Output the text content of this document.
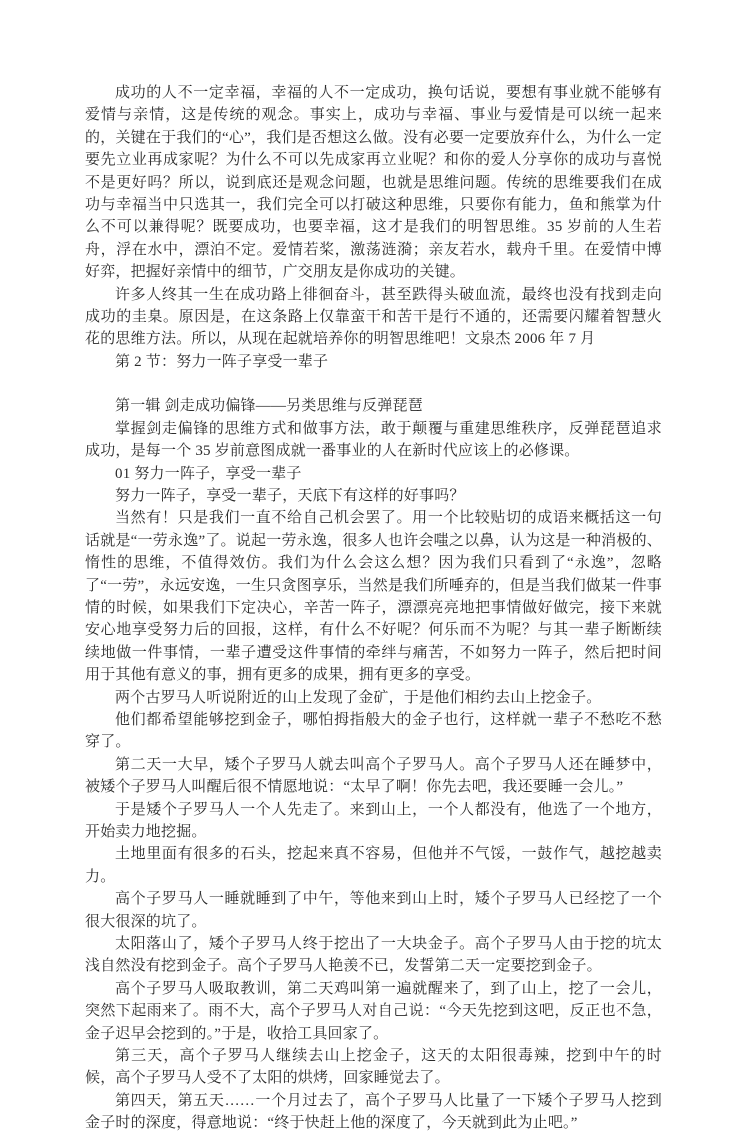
成功的人不一定幸福，幸福的人不一定成功，换句话说，要想有事业就不能够有爱情与亲情，这是传统的观念。事实上，成功与幸福、事业与爱情是可以统一起来的，关键在于我们的“心”，我们是否想这么做。没有必要一定要放弃什么，为什么一定要先立业再成家呢？为什么不可以先成家再立业呢？和你的爱人分享你的成功与喜悦不是更好吗？所以，说到底还是观念问题，也就是思维问题。传统的思维要我们在成功与幸福当中只选其一，我们完全可以打破这种思维，只要你有能力，鱼和熊掌为什么不可以兼得呢？既要成功，也要幸福，这才是我们的明智思维。35 岁前的人生若舟，浮在水中，漂泊不定。爱情若桨，激荡涟漪；亲友若水，载舟千里。在爱情中博好弈，把握好亲情中的细节，广交朋友是你成功的关键。

许多人终其一生在成功路上徘徊奋斗，甚至跌得头破血流，最终也没有找到走向成功的圭臬。原因是，在这条路上仅靠蛮干和苦干是行不通的，还需要闪耀着智慧火花的思维方法。所以，从现在起就培养你的明智思维吧！文泉杰 2006 年 7 月

第 2 节：努力一阵子享受一辈子

第一辑 剑走成功偏锋——另类思维与反弹琵琶

掌握剑走偏锋的思维方式和做事方法，敢于颠覆与重建思维秩序，反弹琵琶追求成功，是每一个 35 岁前意图成就一番事业的人在新时代应该上的必修课。

01 努力一阵子，享受一辈子

努力一阵子，享受一辈子，天底下有这样的好事吗？

当然有！只是我们一直不给自己机会罢了。用一个比较贴切的成语来概括这一句话就是“一劳永逸”了。说起一劳永逸，很多人也许会嗤之以鼻，认为这是一种消极的、惰性的思维，不值得效仿。我们为什么会这么想？因为我们只看到了“永逸”，忽略了“一劳”，永远安逸，一生只贪图享乐，当然是我们所唾弃的，但是当我们做某一件事情的时候，如果我们下定决心，辛苦一阵子，漂漂亮亮地把事情做好做完，接下来就安心地享受努力后的回报，这样，有什么不好呢？何乐而不为呢？与其一辈子断断续续地做一件事情，一辈子遭受这件事情的牵绊与痛苦，不如努力一阵子，然后把时间用于其他有意义的事，拥有更多的成果，拥有更多的享受。

两个古罗马人听说附近的山上发现了金矿，于是他们相约去山上挖金子。

他们都希望能够挖到金子，哪怕拇指般大的金子也行，这样就一辈子不愁吃不愁穿了。

第二天一大早，矮个子罗马人就去叫高个子罗马人。高个子罗马人还在睡梦中，被矮个子罗马人叫醒后很不情愿地说：“太早了啊！你先去吧，我还要睡一会儿。”

于是矮个子罗马人一个人先走了。来到山上，一个人都没有，他选了一个地方，开始卖力地挖掘。

土地里面有很多的石头，挖起来真不容易，但他并不气馁，一鼓作气，越挖越卖力。

高个子罗马人一睡就睡到了中午，等他来到山上时，矮个子罗马人已经挖了一个很大很深的坑了。

太阳落山了，矮个子罗马人终于挖出了一大块金子。高个子罗马人由于挖的坑太浅自然没有挖到金子。高个子罗马人艳羡不已，发誓第二天一定要挖到金子。

高个子罗马人吸取教训，第二天鸡叫第一遍就醒来了，到了山上，挖了一会儿，突然下起雨来了。雨不大，高个子罗马人对自己说：“今天先挖到这吧，反正也不急，金子迟早会挖到的。”于是，收拾工具回家了。

第三天，高个子罗马人继续去山上挖金子，这天的太阳很毒辣，挖到中午的时候，高个子罗马人受不了太阳的烘烤，回家睡觉去了。

第四天，第五天……一个月过去了，高个子罗马人比量了一下矮个子罗马人挖到金子时的深度，得意地说：“终于快赶上他的深度了，今天就到此为止吧。”
